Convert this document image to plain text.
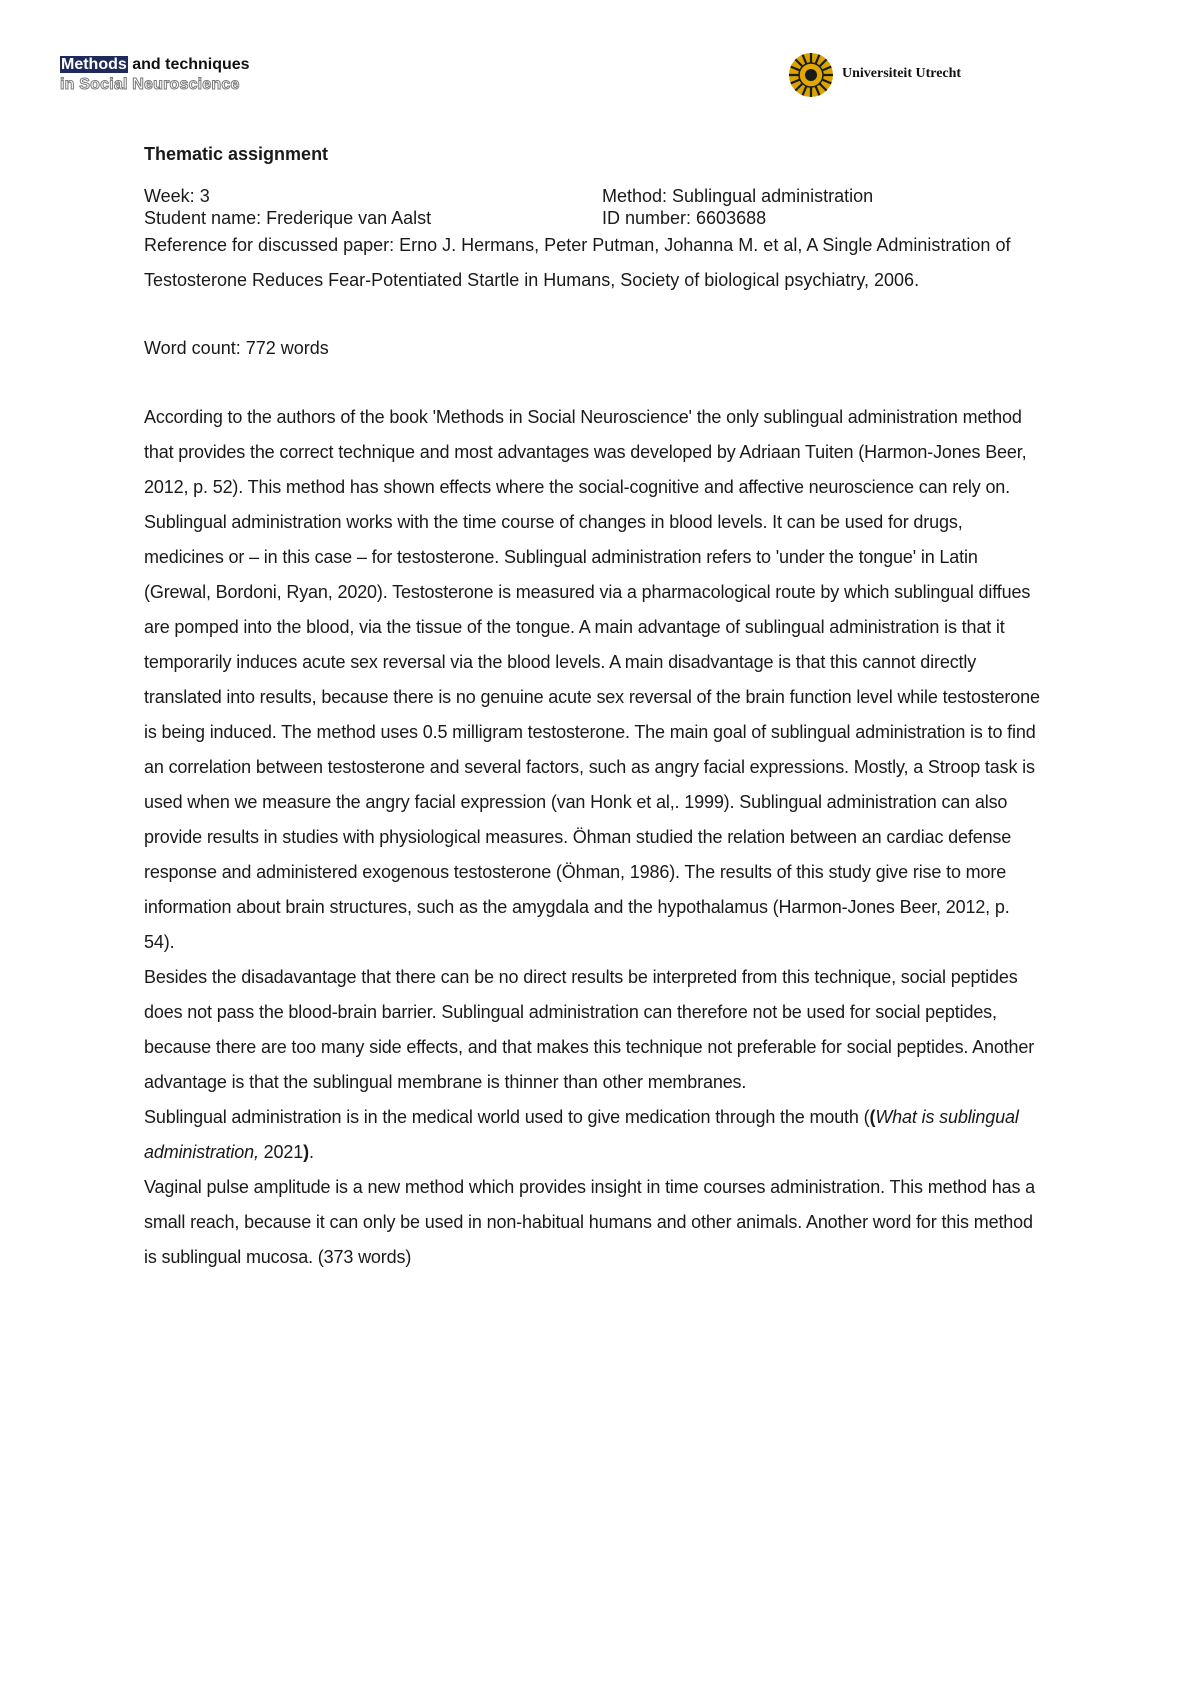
Methods and techniques
in Social Neuroscience
Universiteit Utrecht
Thematic assignment
Week: 3	Method: Sublingual administration
Student name: Frederique van Aalst	ID number: 6603688
Reference for discussed paper: Erno J. Hermans, Peter Putman, Johanna M. et al, A Single Administration of Testosterone Reduces Fear-Potentiated Startle in Humans, Society of biological psychiatry, 2006.
Word count: 772 words

According to the authors of the book 'Methods in Social Neuroscience' the only sublingual administration method that provides the correct technique and most advantages was developed by Adriaan Tuiten (Harmon-Jones Beer, 2012, p. 52). This method has shown effects where the social-cognitive and affective neuroscience can rely on. Sublingual administration works with the time course of changes in blood levels. It can be used for drugs, medicines or – in this case – for testosterone. Sublingual administration refers to 'under the tongue' in Latin (Grewal, Bordoni, Ryan, 2020). Testosterone is measured via a pharmacological route by which sublingual diffues are pomped into the blood, via the tissue of the tongue. A main advantage of sublingual administration is that it temporarily induces acute sex reversal via the blood levels. A main disadvantage is that this cannot directly translated into results, because there is no genuine acute sex reversal of the brain function level while testosterone is being induced. The method uses 0.5 milligram testosterone. The main goal of sublingual administration is to find an correlation between testosterone and several factors, such as angry facial expressions. Mostly, a Stroop task is used when we measure the angry facial expression (van Honk et al,. 1999). Sublingual administration can also provide results in studies with physiological measures. Öhman studied the relation between an cardiac defense response and administered exogenous testosterone (Öhman, 1986). The results of this study give rise to more information about brain structures, such as the amygdala and the hypothalamus (Harmon-Jones Beer, 2012, p. 54).

Besides the disadavantage that there can be no direct results be interpreted from this technique, social peptides does not pass the blood-brain barrier. Sublingual administration can therefore not be used for social peptides, because there are too many side effects, and that makes this technique not preferable for social peptides. Another advantage is that the sublingual membrane is thinner than other membranes.

Sublingual administration is in the medical world used to give medication through the mouth ((What is sublingual administration, 2021).

Vaginal pulse amplitude is a new method which provides insight in time courses administration. This method has a small reach, because it can only be used in non-habitual humans and other animals. Another word for this method is sublingual mucosa. (373 words)
